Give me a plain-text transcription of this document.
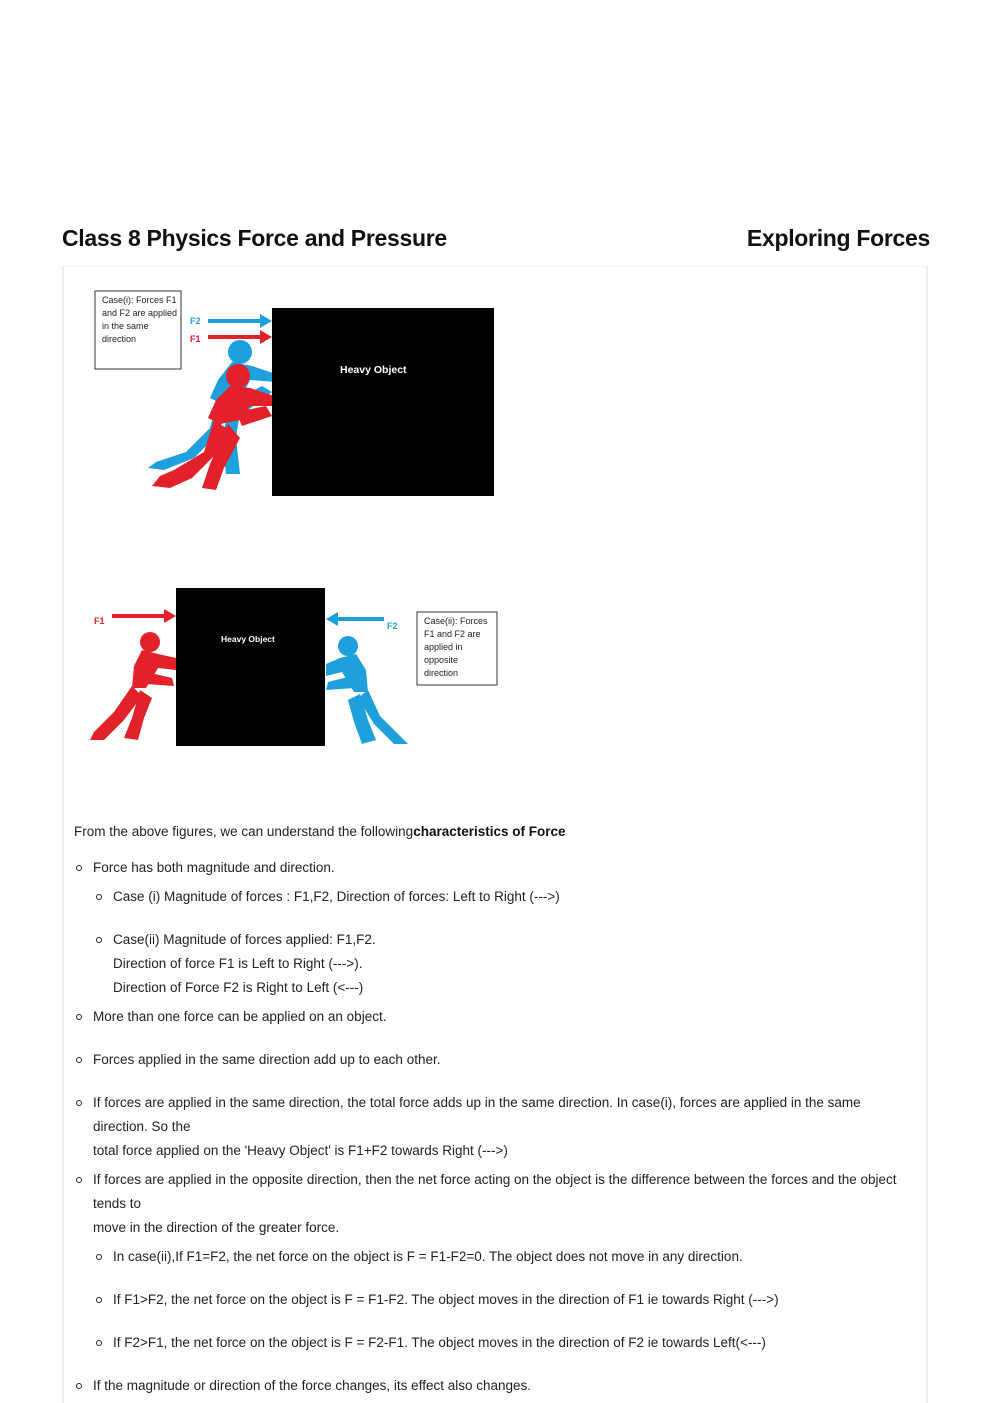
Class 8 Physics Force and Pressure	Exploring Forces
Case(i): Forces F1
and F2 are applied
in the same
direction
F2
F1
Heavy Object
F1
Heavy Object
F2	Case(ii): Forces
F1 and F2 are
applied in
opposite
direction
From the above figures, we can understand the followingcharacteristics of Force
Force has both magnitude and direction.
Case (i) Magnitude of forces : F1,F2, Direction of forces: Left to Right (--->)
Case(ii) Magnitude of forces applied: F1,F2.
Direction of force F1 is Left to Right (--->).
Direction of Force F2 is Right to Left (<---)
More than one force can be applied on an object.
Forces applied in the same direction add up to each other.
If forces are applied in the same direction, the total force adds up in the same direction. In case(i), forces are applied in the same direction. So the
total force applied on the 'Heavy Object' is F1+F2 towards Right (--->)
If forces are applied in the opposite direction, then the net force acting on the object is the difference between the forces and the object tends to
move in the direction of the greater force.
In case(ii),If F1=F2, the net force on the object is F = F1-F2=0. The object does not move in any direction.
If F1>F2, the net force on the object is F = F1-F2. The object moves in the direction of F1 ie towards Right (--->)
If F2>F1, the net force on the object is F = F2-F1. The object moves in the direction of F2 ie towards Left(<---)
If the magnitude or direction of the force changes, its effect also changes.
